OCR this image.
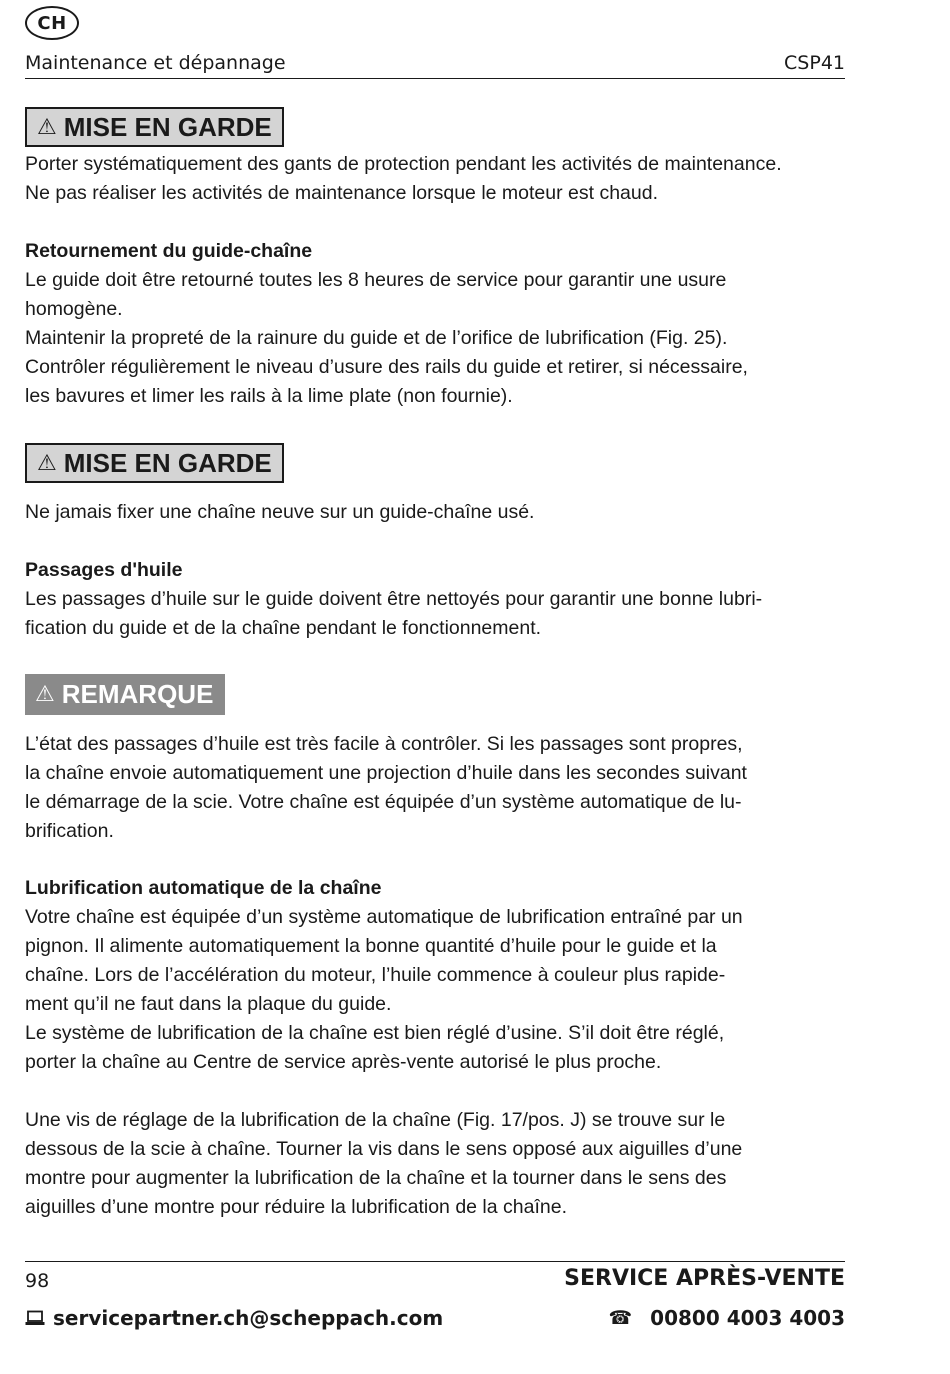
CH
Maintenance et dépannage	CSP41
⚠ MISE EN GARDE
Porter systématiquement des gants de protection pendant les activités de maintenance.
Ne pas réaliser les activités de maintenance lorsque le moteur est chaud.
Retournement du guide-chaîne
Le guide doit être retourné toutes les 8 heures de service pour garantir une usure
homogène.
Maintenir la propreté de la rainure du guide et de l’orifice de lubrification (Fig. 25).
Contrôler régulièrement le niveau d’usure des rails du guide et retirer, si nécessaire,
les bavures et limer les rails à la lime plate (non fournie).
⚠ MISE EN GARDE
Ne jamais fixer une chaîne neuve sur un guide-chaîne usé.
Passages d'huile
Les passages d’huile sur le guide doivent être nettoyés pour garantir une bonne lubri-
fication du guide et de la chaîne pendant le fonctionnement.
⚠ REMARQUE
L’état des passages d’huile est très facile à contrôler. Si les passages sont propres,
la chaîne envoie automatiquement une projection d’huile dans les secondes suivant
le démarrage de la scie. Votre chaîne est équipée d’un système automatique de lu-
brification.
Lubrification automatique de la chaîne
Votre chaîne est équipée d’un système automatique de lubrification entraîné par un
pignon. Il alimente automatiquement la bonne quantité d’huile pour le guide et la
chaîne. Lors de l’accélération du moteur, l’huile commence à couleur plus rapide-
ment qu’il ne faut dans la plaque du guide.
Le système de lubrification de la chaîne est bien réglé d’usine. S’il doit être réglé,
porter la chaîne au Centre de service après-vente autorisé le plus proche.
Une vis de réglage de la lubrification de la chaîne (Fig. 17/pos. J) se trouve sur le
dessous de la scie à chaîne. Tourner la vis dans le sens opposé aux aiguilles d’une
montre pour augmenter la lubrification de la chaîne et la tourner dans le sens des
aiguilles d’une montre pour réduire la lubrification de la chaîne.
98	SERVICE APRÈS-VENTE
servicepartner.ch@scheppach.com	☎ 00800 4003 4003
